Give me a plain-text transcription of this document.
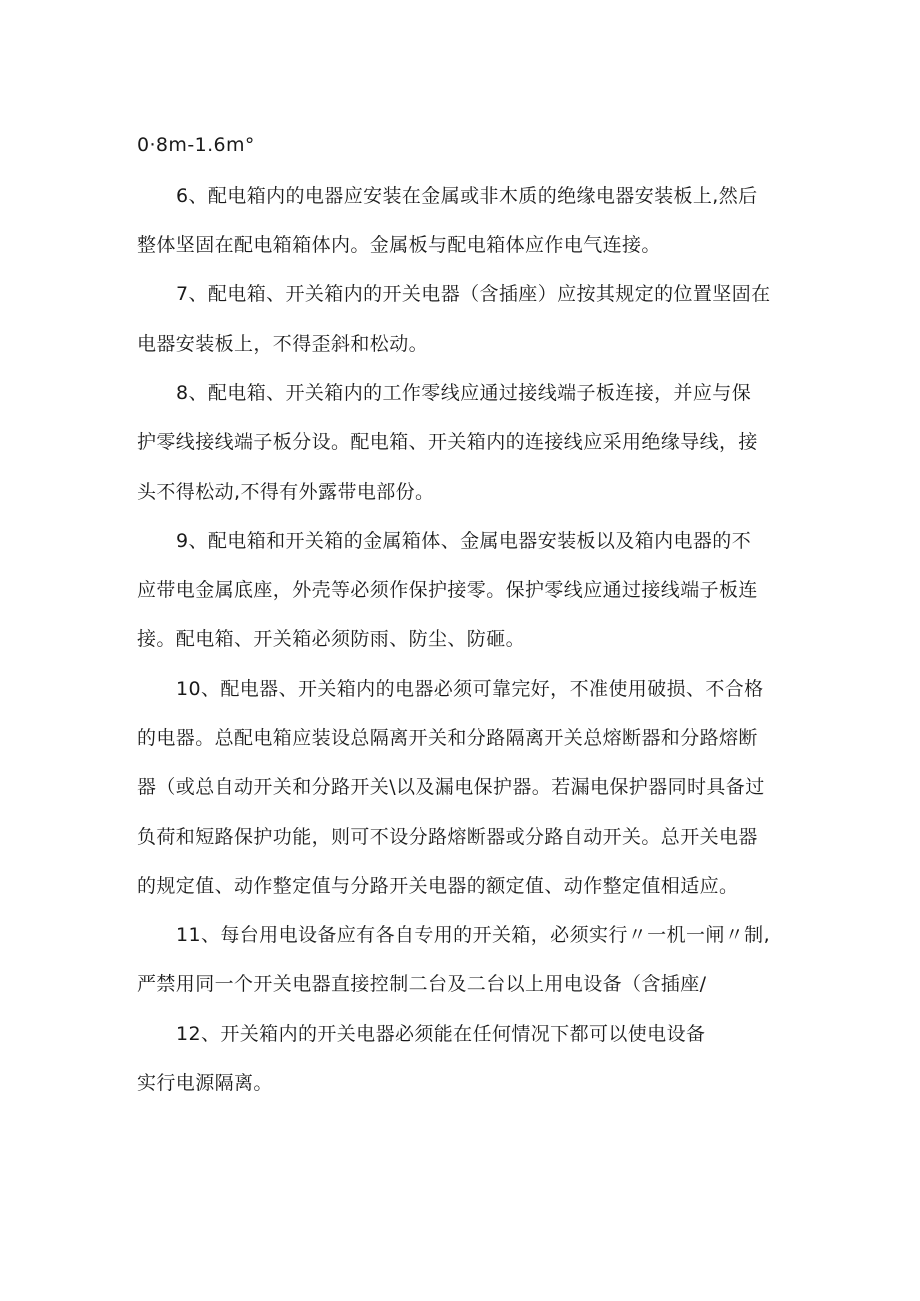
0·8m-1.6m°
6、配电箱内的电器应安装在金属或非木质的绝缘电器安装板上,然后
整体坚固在配电箱箱体内。金属板与配电箱体应作电气连接。
7、配电箱、开关箱内的开关电器（含插座）应按其规定的位置坚固在
电器安装板上，不得歪斜和松动。
8、配电箱、开关箱内的工作零线应通过接线端子板连接，并应与保
护零线接线端子板分设。配电箱、开关箱内的连接线应采用绝缘导线，接
头不得松动,不得有外露带电部份。
9、配电箱和开关箱的金属箱体、金属电器安装板以及箱内电器的不
应带电金属底座，外壳等必须作保护接零。保护零线应通过接线端子板连
接。配电箱、开关箱必须防雨、防尘、防砸。
10、配电器、开关箱内的电器必须可靠完好，不准使用破损、不合格
的电器。总配电箱应装设总隔离开关和分路隔离开关总熔断器和分路熔断
器（或总自动开关和分路开关\以及漏电保护器。若漏电保护器同时具备过
负荷和短路保护功能，则可不设分路熔断器或分路自动开关。总开关电器
的规定值、动作整定值与分路开关电器的额定值、动作整定值相适应。
11、每台用电设备应有各自专用的开关箱，必须实行〃一机一闸〃制,
严禁用同一个开关电器直接控制二台及二台以上用电设备（含插座/
12、开关箱内的开关电器必须能在任何情况下都可以使电设备
实行电源隔离。
